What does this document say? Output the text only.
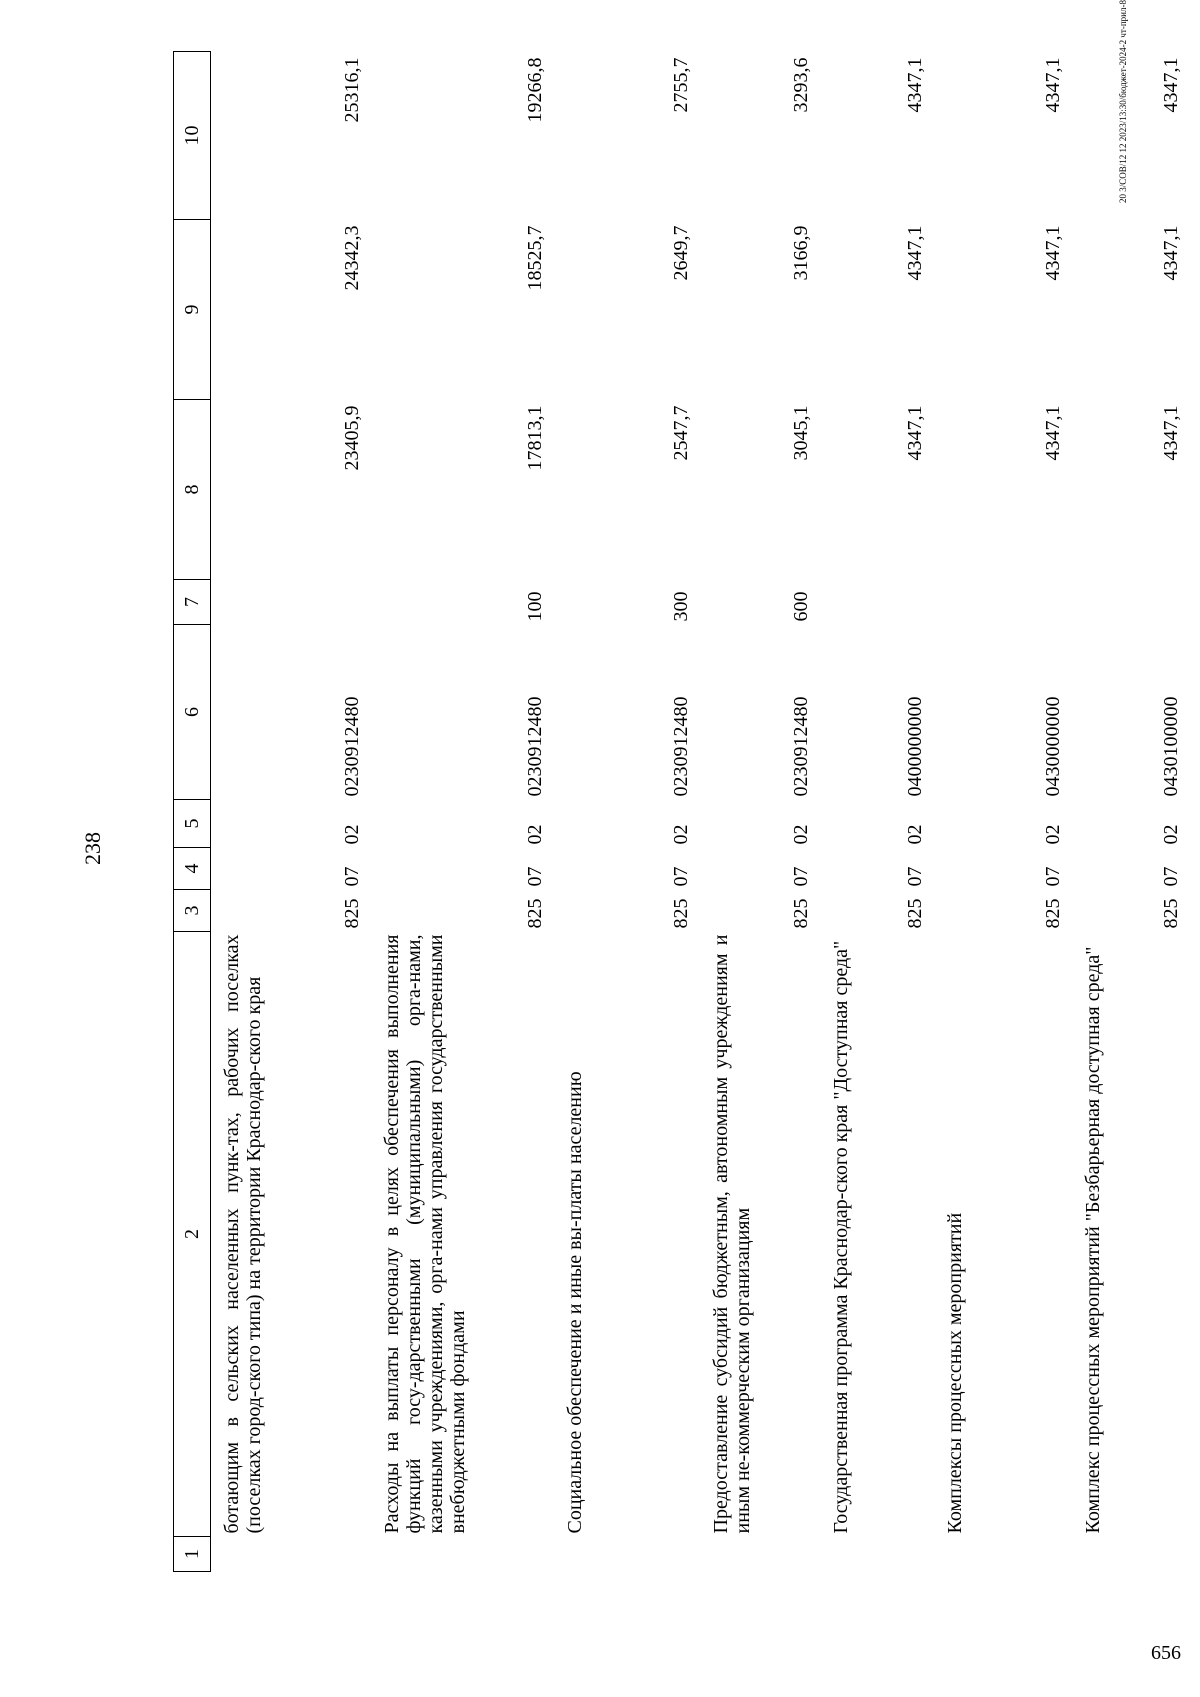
238
1	2	3	4	5	6	7	8	9	10
	ботающим в сельских населенных пунк-тах, рабочих поселках (поселках город-ского типа) на территории Краснодар-ского края	825	07	02	0230912480		23405,9	24342,3	25316,1
	Расходы на выплаты персоналу в целях обеспечения выполнения функций госу-дарственными (муниципальными) орга-нами, казенными учреждениями, орга-нами управления государственными внебюджетными фондами	825	07	02	0230912480	100	17813,1	18525,7	19266,8
	Социальное обеспечение и иные вы-платы населению	825	07	02	0230912480	300	2547,7	2649,7	2755,7
	Предоставление субсидий бюджетным, автономным учреждениям и иным не-коммерческим организациям	825	07	02	0230912480	600	3045,1	3166,9	3293,6
	Государственная программа Краснодар-ского края "Доступная среда"	825	07	02	0400000000		4347,1	4347,1	4347,1
	Комплексы процессных мероприятий	825	07	02	0430000000		4347,1	4347,1	4347,1
	Комплекс процессных мероприятий "Безбарьерная доступная среда"	825	07	02	0430100000		4347,1	4347,1	4347,1
20 3/СОВ/12 12 2023/13:30/бюджет-2024-2 чт-прил-8
656
